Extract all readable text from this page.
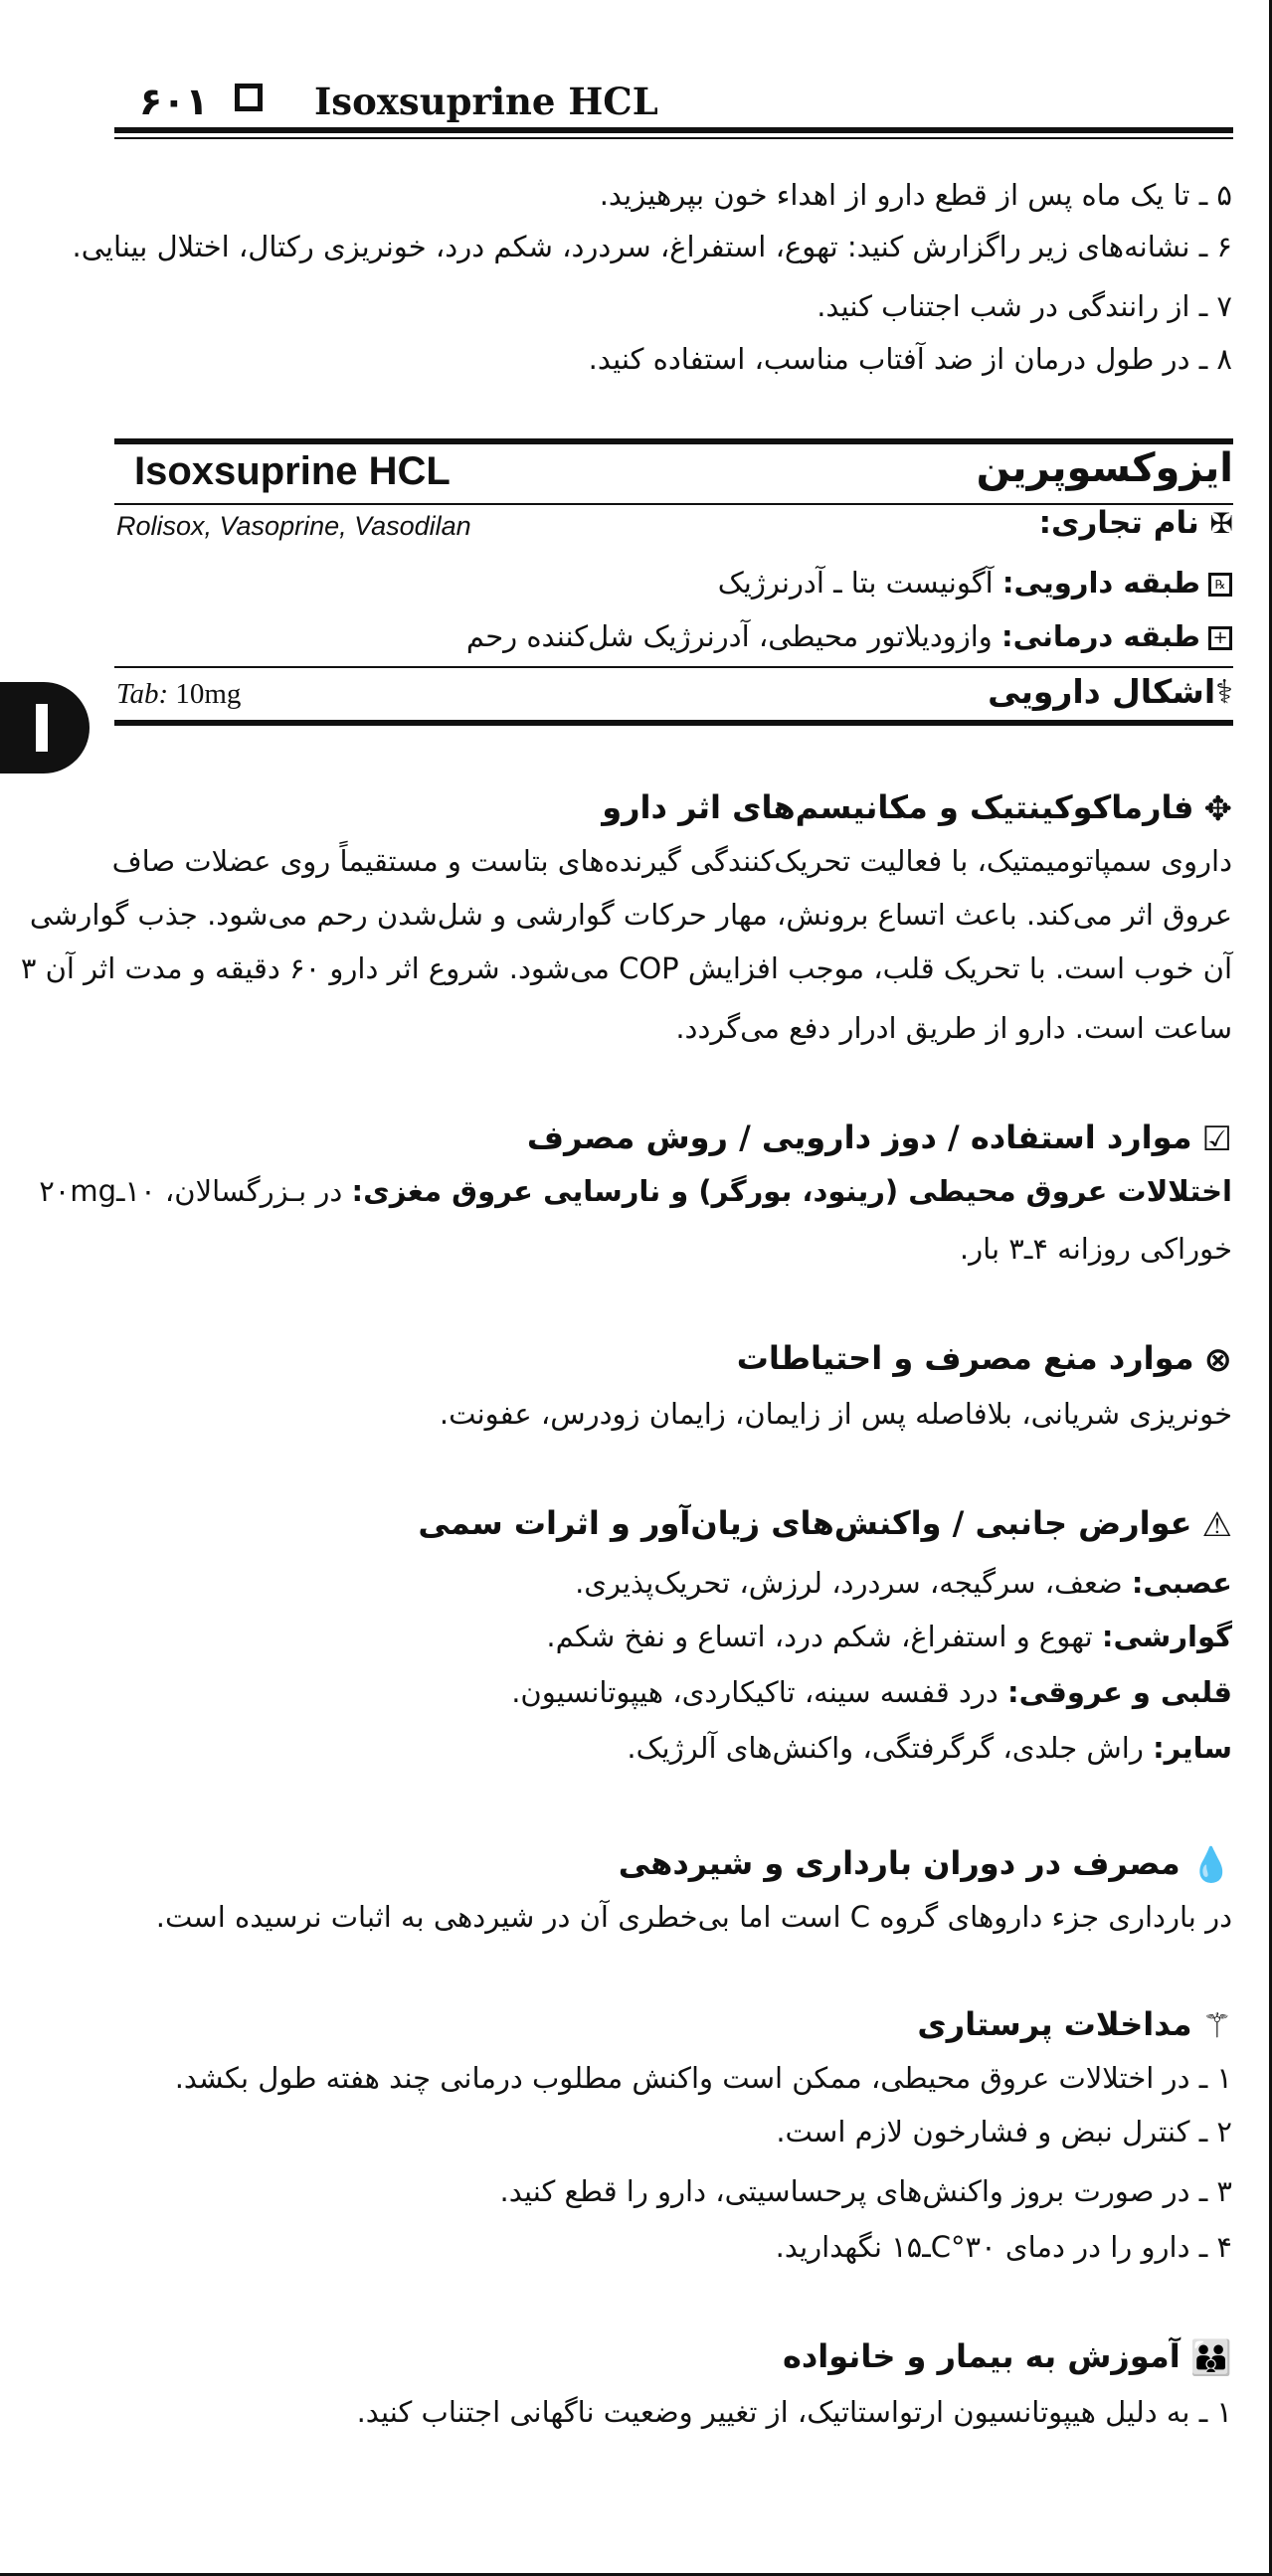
۶۰۱	Isoxsuprine HCL
۵ ـ تا یک ماه پس از قطع دارو از اهداء خون بپرهیزید.
۶ ـ نشانه‌های زیر راگزارش کنید: تهوع، استفراغ، سردرد، شکم درد، خونریزی رکتال، اختلال بینایی.
۷ ـ از رانندگی در شب اجتناب کنید.
۸ ـ در طول درمان از ضد آفتاب مناسب، استفاده کنید.
Isoxsuprine HCL	ایزوکسوپرین
Rolisox, Vasoprine, Vasodilan	✠ نام تجاری:
℞طبقه دارویی: آگونیست بتا ـ آدرنرژیک
+طبقه درمانی: وازودیلاتور محیطی، آدرنرژیک شل‌کننده رحم
Tab: 10mg	⚕اشکال دارویی
✥فارماکوکینتیک و مکانیسم‌های اثر دارو
داروی سمپاتومیمتیک، با فعالیت تحریک‌کنندگی گیرنده‌های بتاست و مستقیماً روی عضلات صاف
عروق اثر می‌کند. باعث اتساع برونش، مهار حرکات گوارشی و شل‌شدن رحم می‌شود. جذب گوارشی
آن خوب است. با تحریک قلب، موجب افزایش COP می‌شود. شروع اثر دارو ۶۰ دقیقه و مدت اثر آن ۳
ساعت است. دارو از طریق ادرار دفع می‌گردد.
☑موارد استفاده / دوز دارویی / روش مصرف
اختلالات عروق محیطی (رینود، بورگر) و نارسایی عروق مغزی: در بـزرگسالان، ۱۰ـ۲۰mg
خوراکی روزانه ۴ـ۳ بار.
⊗موارد منع مصرف و احتیاطات
خونریزی شریانی، بلافاصله پس از زایمان، زایمان زودرس، عفونت.
⚠عوارض جانبی / واکنش‌های زیان‌آور و اثرات سمی
عصبی: ضعف، سرگیجه، سردرد، لرزش، تحریک‌پذیری.
گوارشی: تهوع و استفراغ، شکم درد، اتساع و نفخ شکم.
قلبی و عروقی: درد قفسه سینه، تاکیکاردی، هیپوتانسیون.
سایر: راش جلدی، گرگرفتگی، واکنش‌های آلرژیک.
💧مصرف در دوران بارداری و شیردهی
در بارداری جزء داروهای گروه C است اما بی‌خطری آن در شیردهی به اثبات نرسیده است.
⚚مداخلات پرستاری
۱ ـ در اختلالات عروق محیطی، ممکن است واکنش مطلوب درمانی چند هفته طول بکشد.
۲ ـ کنترل نبض و فشارخون لازم است.
۳ ـ در صورت بروز واکنش‌های پرحساسیتی، دارو را قطع کنید.
۴ ـ دارو را در دمای ۳۰°C‌ـ۱۵ نگهدارید.
👪آموزش به بیمار و خانواده
۱ ـ به دلیل هیپوتانسیون ارتواستاتیک، از تغییر وضعیت ناگهانی اجتناب کنید.
